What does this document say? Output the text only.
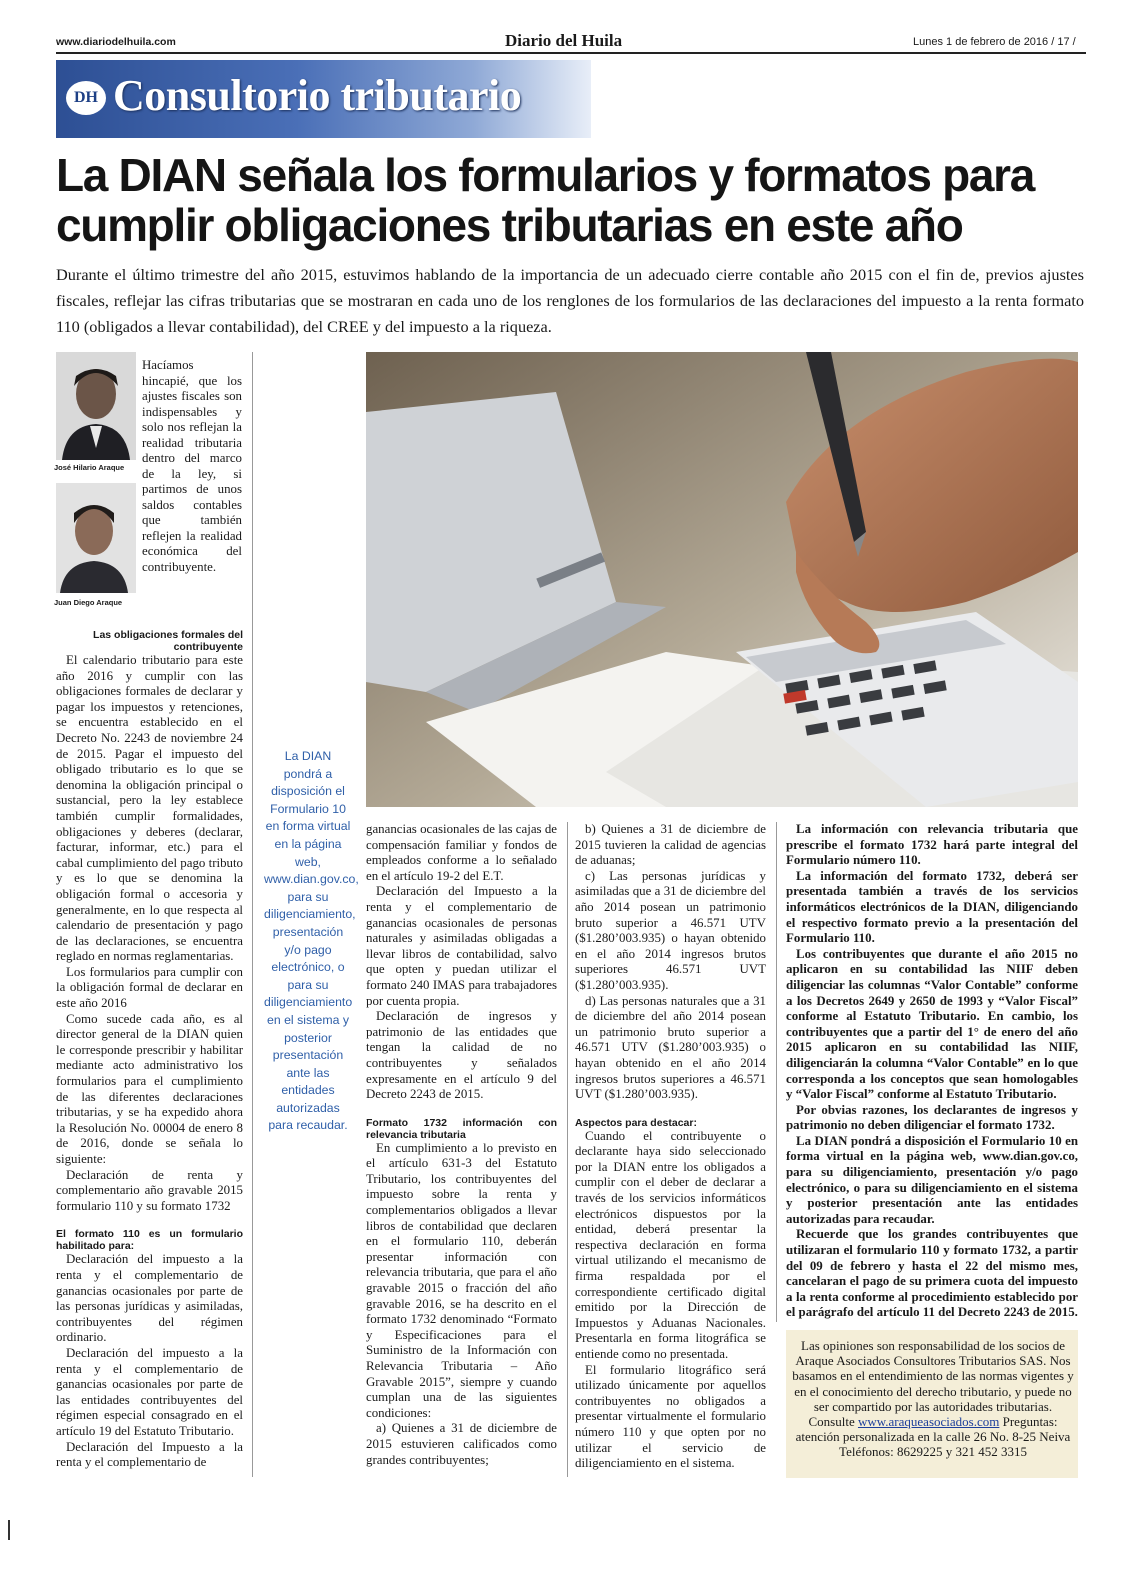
www.diariodelhuila.com	Diario del Huila	Lunes 1 de febrero de 2016 / 17 /
DH Consultorio tributario
La DIAN señala los formularios y formatos para cumplir obligaciones tributarias en este año
Durante el último trimestre del año 2015, estuvimos hablando de la importancia de un adecuado cierre contable año 2015 con el fin de, previos ajustes fiscales, reflejar las cifras tributarias que se mostraran en cada uno de los renglones de los formularios de las declaraciones del impuesto a la renta formato 110 (obligados a llevar contabilidad), del CREE y del impuesto a la riqueza.
José Hilario Araque
Juan Diego Araque
Hacíamos hincapié, que los ajustes fiscales son indispensables y solo nos reflejan la realidad tributaria dentro del marco de la ley, si partimos de unos saldos contables que también reflejen la realidad económica del contribuyente.

Las obligaciones formales del contribuyente

El calendario tributario para este año 2016 y cumplir con las obligaciones formales de declarar y pagar los impuestos y retenciones, se encuentra establecido en el Decreto No. 2243 de noviembre 24 de 2015. Pagar el impuesto del obligado tributario es lo que se denomina la obligación principal o sustancial, pero la ley establece también cumplir formalidades, obligaciones y deberes (declarar, facturar, informar, etc.) para el cabal cumplimiento del pago tributo y es lo que se denomina la obligación formal o accesoria y generalmente, en lo que respecta al calendario de presentación y pago de las declaraciones, se encuentra reglado en normas reglamentarias.

Los formularios para cumplir con la obligación formal de declarar en este año 2016

Como sucede cada año, es al director general de la DIAN quien le corresponde prescribir y habilitar mediante acto administrativo los formularios para el cumplimiento de las diferentes declaraciones tributarias, y se ha expedido ahora la Resolución No. 00004 de enero 8 de 2016, donde se señala lo siguiente:

Declaración de renta y complementario año gravable 2015 formulario 110 y su formato 1732

El formato 110 es un formulario habilitado para:

Declaración del impuesto a la renta y el complementario de ganancias ocasionales por parte de las personas jurídicas y asimiladas, contribuyentes del régimen ordinario.

Declaración del impuesto a la renta y el complementario de ganancias ocasionales por parte de las entidades contribuyentes del régimen especial consagrado en el artículo 19 del Estatuto Tributario.

Declaración del Impuesto a la renta y el complementario de

La DIAN pondrá a disposición el Formulario 10 en forma virtual en la página web, www.dian.gov.co, para su diligenciamiento, presentación y/o pago electrónico, o para su diligenciamiento en el sistema y posterior presentación ante las entidades autorizadas para recaudar.

ganancias ocasionales de las cajas de compensación familiar y fondos de empleados conforme a lo señalado en el artículo 19-2 del E.T.

Declaración del Impuesto a la renta y el complementario de ganancias ocasionales de personas naturales y asimiladas obligadas a llevar libros de contabilidad, salvo que opten y puedan utilizar el formato 240 IMAS para trabajadores por cuenta propia.

Declaración de ingresos y patrimonio de las entidades que tengan la calidad de no contribuyentes y señalados expresamente en el artículo 9 del Decreto 2243 de 2015.

Formato 1732 información con relevancia tributaria

En cumplimiento a lo previsto en el artículo 631-3 del Estatuto Tributario, los contribuyentes del impuesto sobre la renta y complementarios obligados a llevar libros de contabilidad que declaren en el formulario 110, deberán presentar información con relevancia tributaria, que para el año gravable 2015 o fracción del año gravable 2016, se ha descrito en el formato 1732 denominado “Formato y Especificaciones para el Suministro de la Información con Relevancia Tributaria – Año Gravable 2015”, siempre y cuando cumplan una de las siguientes condiciones:

a) Quienes a 31 de diciembre de 2015 estuvieren calificados como grandes contribuyentes;

b) Quienes a 31 de diciembre de 2015 tuvieren la calidad de agencias de aduanas;

c) Las personas jurídicas y asimiladas que a 31 de diciembre del año 2014 posean un patrimonio bruto superior a 46.571 UTV ($1.280’003.935) o hayan obtenido en el año 2014 ingresos brutos superiores 46.571 UVT ($1.280’003.935).

d) Las personas naturales que a 31 de diciembre del año 2014 posean un patrimonio bruto superior a 46.571 UTV ($1.280’003.935) o hayan obtenido en el año 2014 ingresos brutos superiores a 46.571 UVT ($1.280’003.935).

Aspectos para destacar:

Cuando el contribuyente o declarante haya sido seleccionado por la DIAN entre los obligados a cumplir con el deber de declarar a través de los servicios informáticos electrónicos dispuestos por la entidad, deberá presentar la respectiva declaración en forma virtual utilizando el mecanismo de firma respaldada por el correspondiente certificado digital emitido por la Dirección de Impuestos y Aduanas Nacionales. Presentarla en forma litográfica se entiende como no presentada.

El formulario litográfico será utilizado únicamente por aquellos contribuyentes no obligados a presentar virtualmente el formulario número 110 y que opten por no utilizar el servicio de diligenciamiento en el sistema.

La información con relevancia tributaria que prescribe el formato 1732 hará parte integral del Formulario número 110.

La información del formato 1732, deberá ser presentada también a través de los servicios informáticos electrónicos de la DIAN, diligenciando el respectivo formato previo a la presentación del Formulario 110.

Los contribuyentes que durante el año 2015 no aplicaron en su contabilidad las NIIF deben diligenciar las columnas “Valor Contable” conforme a los Decretos 2649 y 2650 de 1993 y “Valor Fiscal” conforme al Estatuto Tributario. En cambio, los contribuyentes que a partir del 1° de enero del año 2015 aplicaron en su contabilidad las NIIF, diligenciarán la columna “Valor Contable” en lo que corresponda a los conceptos que sean homologables y “Valor Fiscal” conforme al Estatuto Tributario.

Por obvias razones, los declarantes de ingresos y patrimonio no deben diligenciar el formato 1732.

La DIAN pondrá a disposición el Formulario 10 en forma virtual en la página web, www.dian.gov.co, para su diligenciamiento, presentación y/o pago electrónico, o para su diligenciamiento en el sistema y posterior presentación ante las entidades autorizadas para recaudar.

Recuerde que los grandes contribuyentes que utilizaran el formulario 110 y formato 1732, a partir del 09 de febrero y hasta el 22 del mismo mes, cancelaran el pago de su primera cuota del impuesto a la renta conforme al procedimiento establecido por el parágrafo del artículo 11 del Decreto 2243 de 2015.

Las opiniones son responsabilidad de los socios de Araque Asociados Consultores Tributarios SAS. Nos basamos en el entendimiento de las normas vigentes y en el conocimiento del derecho tributario, y puede no ser compartido por las autoridades tributarias. Consulte www.araqueasociados.com Preguntas: atención personalizada en la calle 26 No. 8-25 Neiva Teléfonos: 8629225 y 321 452 3315
